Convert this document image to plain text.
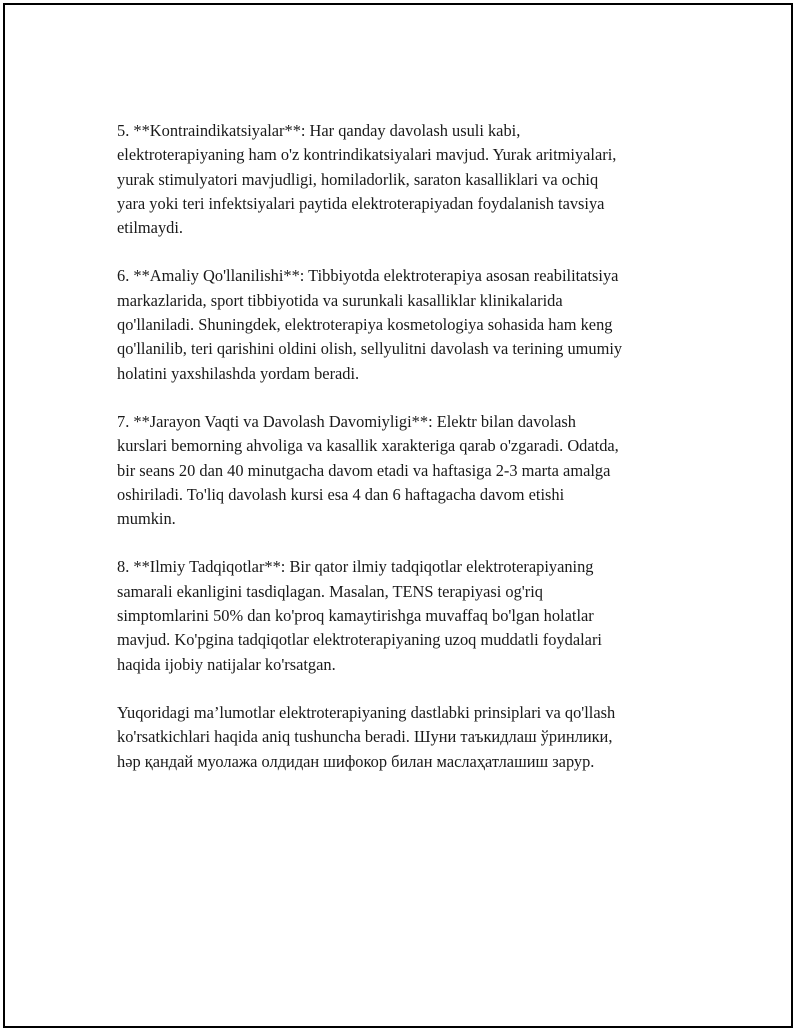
5. **Kontraindikatsiyalar**: Har qanday davolash usuli kabi,
elektroterapiyaning ham o'z kontrindikatsiyalari mavjud. Yurak aritmiyalari,
yurak stimulyatori mavjudligi, homiladorlik, saraton kasalliklari va ochiq
yara yoki teri infektsiyalari paytida elektroterapiyadan foydalanish tavsiya
etilmaydi.

6. **Amaliy Qo'llanilishi**: Tibbiyotda elektroterapiya asosan reabilitatsiya
markazlarida, sport tibbiyotida va surunkali kasalliklar klinikalarida
qo'llaniladi. Shuningdek, elektroterapiya kosmetologiya sohasida ham keng
qo'llanilib, teri qarishini oldini olish, sellyulitni davolash va terining umumiy
holatini yaxshilashda yordam beradi.

7. **Jarayon Vaqti va Davolash Davomiyligi**: Elektr bilan davolash
kurslari bemorning ahvoliga va kasallik xarakteriga qarab o'zgaradi. Odatda,
bir seans 20 dan 40 minutgacha davom etadi va haftasiga 2-3 marta amalga
oshiriladi. To'liq davolash kursi esa 4 dan 6 haftagacha davom etishi
mumkin.

8. **Ilmiy Tadqiqotlar**: Bir qator ilmiy tadqiqotlar elektroterapiyaning
samarali ekanligini tasdiqlagan. Masalan, TENS terapiyasi og'riq
simptomlarini 50% dan ko'proq kamaytirishga muvaffaq bo'lgan holatlar
mavjud. Ko'pgina tadqiqotlar elektroterapiyaning uzoq muddatli foydalari
haqida ijobiy natijalar ko'rsatgan.

Yuqoridagi ma’lumotlar elektroterapiyaning dastlabki prinsiplari va qo'llash
ko'rsatkichlari haqida aniq tushuncha beradi. Шуни таъкидлаш ўринлики,
һәр қандай муолажа олдидан шифокор билан маслаҳатлашиш зарур.
